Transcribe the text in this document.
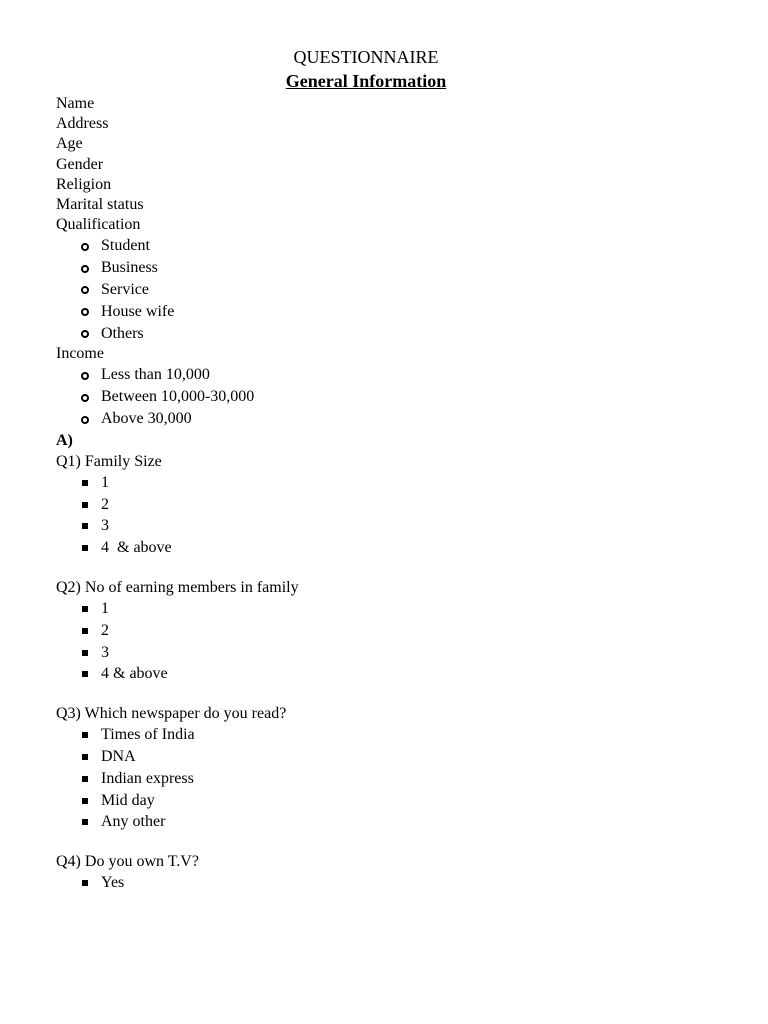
QUESTIONNAIRE
General Information
Name
Address
Age
Gender
Religion
Marital status
Qualification
Student
Business
Service
House wife
Others
Income
Less than 10,000
Between 10,000-30,000
Above 30,000
A)
Q1) Family Size
1
2
3
4  & above
Q2) No of earning members in family
1
2
3
4 & above
Q3) Which newspaper do you read?
Times of India
DNA
Indian express
Mid day
Any other
Q4) Do you own T.V?
Yes
